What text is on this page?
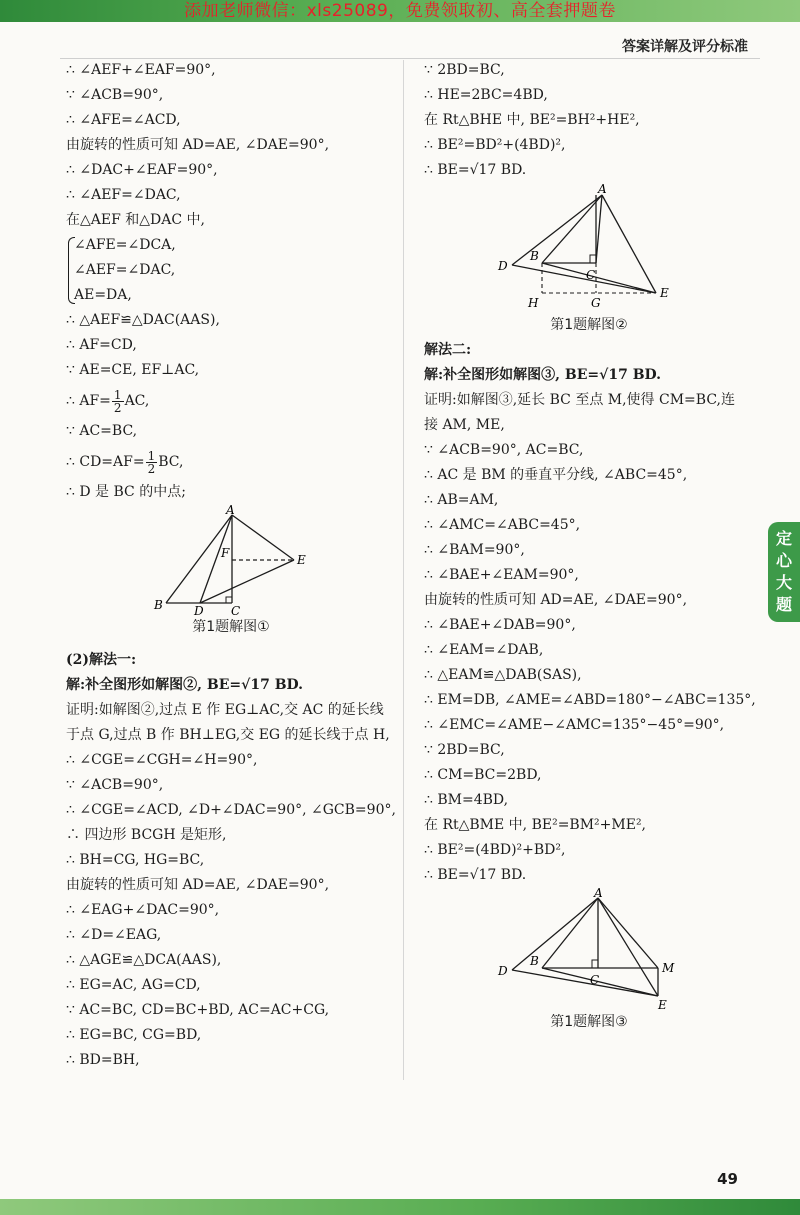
添加老师微信：xls25089，免费领取初、高全套押题卷
答案详解及评分标准
∴ ∠AEF+∠EAF=90°,
∵ ∠ACB=90°,
∴ ∠AFE=∠ACD,
由旋转的性质可知 AD=AE, ∠DAE=90°,
∴ ∠DAC+∠EAF=90°,
∴ ∠AEF=∠DAC,
在△AEF 和△DAC 中,
∠AFE=∠DCA,
∠AEF=∠DAC,
AE=DA,
∴ △AEF≌△DAC(AAS),
∴ AF=CD,
∵ AE=CE, EF⊥AC,
∴ $AF= \frac{1}{2}$ AC,
∵ AC=BC,
∴ $CD=AF= \frac{1}{2}$ BC,
∴ D 是 BC 的中点;
A
B	D
F
C
E
第1题解图①
(2)解法一:
解:补全图形如解图②, BE=√17 BD.
证明:如解图②,过点 E 作 EG⊥AC,交 AC 的延长线
于点 G,过点 B 作 BH⊥EG,交 EG 的延长线于点 H,
∴ ∠CGE=∠CGH=∠H=90°,
∵ ∠ACB=90°,
∴ ∠CGE=∠ACD, ∠D+∠DAC=90°, ∠GCB=90°,
∴ 四边形 BCGH 是矩形,
∴ BH=CG, HG=BC,
由旋转的性质可知 AD=AE, ∠DAE=90°,
∴ ∠EAG+∠DAC=90°,
∴ ∠D=∠EAG,
∴ △AGE≌△DCA(AAS),
∴ EG=AC, AG=CD,
∵ AC=BC, CD=BC+BD, AC=AC+CG,
∴ EG=BC, CG=BD,
∴ BD=BH,
∵ 2BD=BC,
∴ HE=2BC=4BD,
在 Rt△BHE 中, BE²=BH²+HE²,
∴ BE²=BD²+(4BD)²,
∴ BE=√17 BD.
A
B
D
C
H	G
E
第1题解图②
解法二:
解:补全图形如解图③, BE=√17 BD.
证明:如解图③,延长 BC 至点 M,使得 CM=BC,连
接 AM, ME,
∵ ∠ACB=90°, AC=BC,
∴ AC 是 BM 的垂直平分线, ∠ABC=45°,
∴ AB=AM,
∴ ∠AMC=∠ABC=45°,
∴ ∠BAM=90°,
∴ ∠BAE+∠EAM=90°,
由旋转的性质可知 AD=AE, ∠DAE=90°,
∴ ∠BAE+∠DAB=90°,
∴ ∠EAM=∠DAB,
∴ △EAM≌△DAB(SAS),
∴ EM=DB, ∠AME=∠ABD=180°−∠ABC=135°,
∴ ∠EMC=∠AME−∠AMC=135°−45°=90°,
∵ 2BD=BC,
∴ CM=BC=2BD,
∴ BM=4BD,
在 Rt△BME 中, BE²=BM²+ME²,
∴ BE²=(4BD)²+BD²,
∴ BE=√17 BD.
A
B
D
C
M
E
第1题解图③
定
心
大
题
49
